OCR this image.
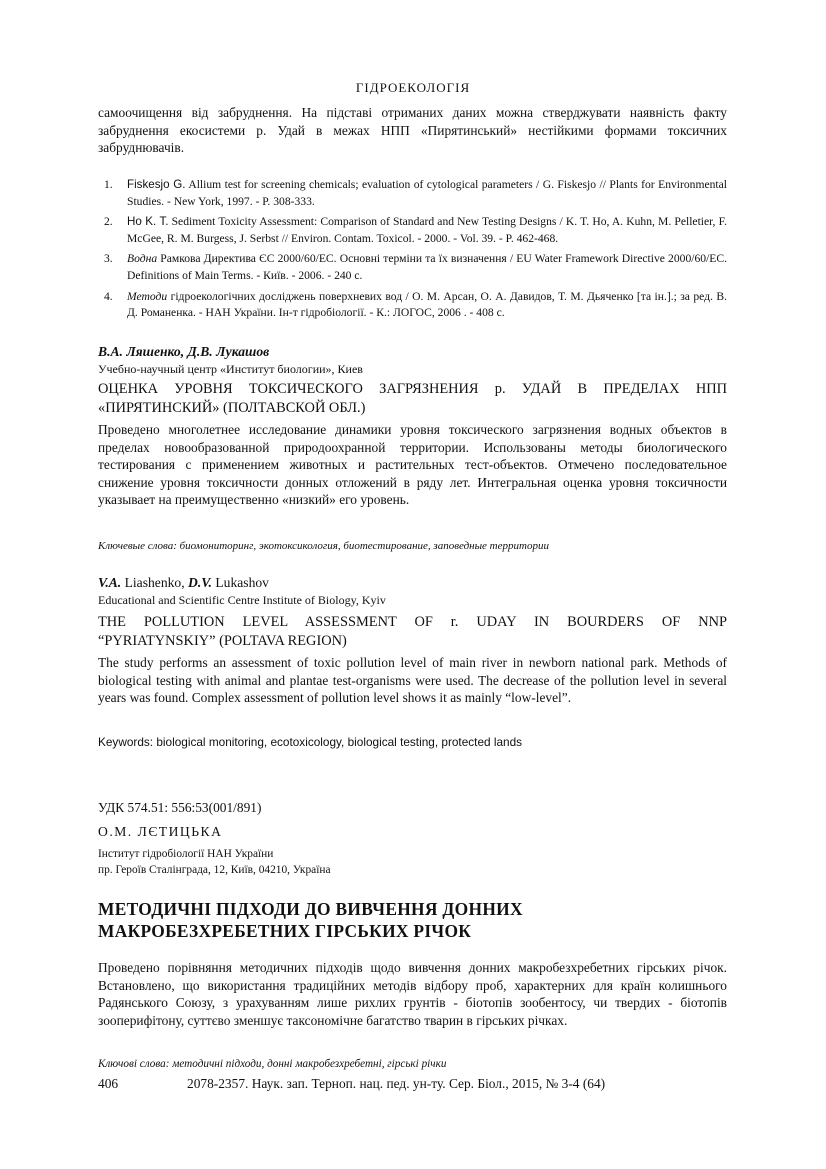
ГІДРОЕКОЛОГІЯ
самоочищення від забруднення. На підставі отриманих даних можна стверджувати наявність факту забруднення екосистеми р. Удай в межах НПП «Пирятинський» нестійкими формами токсичних забруднювачів.
1. Fiskesjo G. Allium test for screening chemicals; evaluation of cytological parameters / G. Fiskesjo // Plants for Environmental Studies. - New York, 1997. - P. 308-333.
2. Ho K. T. Sediment Toxicity Assessment: Comparison of Standard and New Testing Designs / K. T. Ho, A. Kuhn, M. Pelletier, F. McGee, R. M. Burgess, J. Serbst // Environ. Contam. Toxicol. - 2000. - Vol. 39. - P. 462-468.
3. Водна Рамкова Директива ЄС 2000/60/ЕС. Основні терміни та їх визначення / EU Water Framework Directive 2000/60/EC. Definitions of Main Terms. - Київ. - 2006. - 240 с.
4. Методи гідроекологічних досліджень поверхневих вод / О. М. Арсан, О. А. Давидов, Т. М. Дьяченко [та ін.].; за ред. В. Д. Романенка. - НАН України. Ін-т гідробіології. - К.: ЛОГОС, 2006 . - 408 с.
В.А. Ляшенко, Д.В. Лукашов
Учебно-научный центр «Институт биологии», Киев
ОЦЕНКА УРОВНЯ ТОКСИЧЕСКОГО ЗАГРЯЗНЕНИЯ р. УДАЙ В ПРЕДЕЛАХ НПП
«ПИРЯТИНСКИЙ» (ПОЛТАВСКОЙ ОБЛ.)
Проведено многолетнее исследование динамики уровня токсического загрязнения водных объектов в пределах новообразованной природоохранной территории. Использованы методы биологического тестирования с применением животных и растительных тест-объектов. Отмечено последовательное снижение уровня токсичности донных отложений в ряду лет. Интегральная оценка уровня токсичности указывает на преимущественно «низкий» его уровень.
Ключевые слова: биомониторинг, экотоксикология, биотестирование, заповедные территории
V.A. Liashenko, D.V. Lukashov
Educational and Scientific Centre Institute of Biology, Kyiv
THE POLLUTION LEVEL ASSESSMENT OF r. UDAY IN BOURDERS OF NNP
“PYRIATYNSKIY” (POLTAVA REGION)
The study performs an assessment of toxic pollution level of main river in newborn national park. Methods of biological testing with animal and plantae test-organisms were used. The decrease of the pollution level in several years was found. Complex assessment of pollution level shows it as mainly “low-level”.
Keywords: biological monitoring, ecotoxicology, biological testing, protected lands
УДК 574.51: 556:53(001/891)
О.М. ЛЄТИЦЬКА
Інститут гідробіології НАН України
пр. Героїв Сталінграда, 12, Київ, 04210, Україна
МЕТОДИЧНІ ПІДХОДИ ДО ВИВЧЕННЯ ДОННИХ
МАКРОБЕЗХРЕБЕТНИХ ГІРСЬКИХ РІЧОК
Проведено порівняння методичних підходів щодо вивчення донних макробезхребетних гірських річок. Встановлено, що використання традиційних методів відбору проб, характерних для країн колишнього Радянського Союзу, з урахуванням лише рихлих грунтів - біотопів зообентосу, чи твердих - біотопів зооперифітону, суттєво зменшує таксономічне багатство тварин в гірських річках.
Ключові слова: методичні підходи, донні макробезхребетні, гірські річки
406	2078-2357. Наук. зап. Терноп. нац. пед. ун-ту. Сер. Біол., 2015, № 3-4 (64)
